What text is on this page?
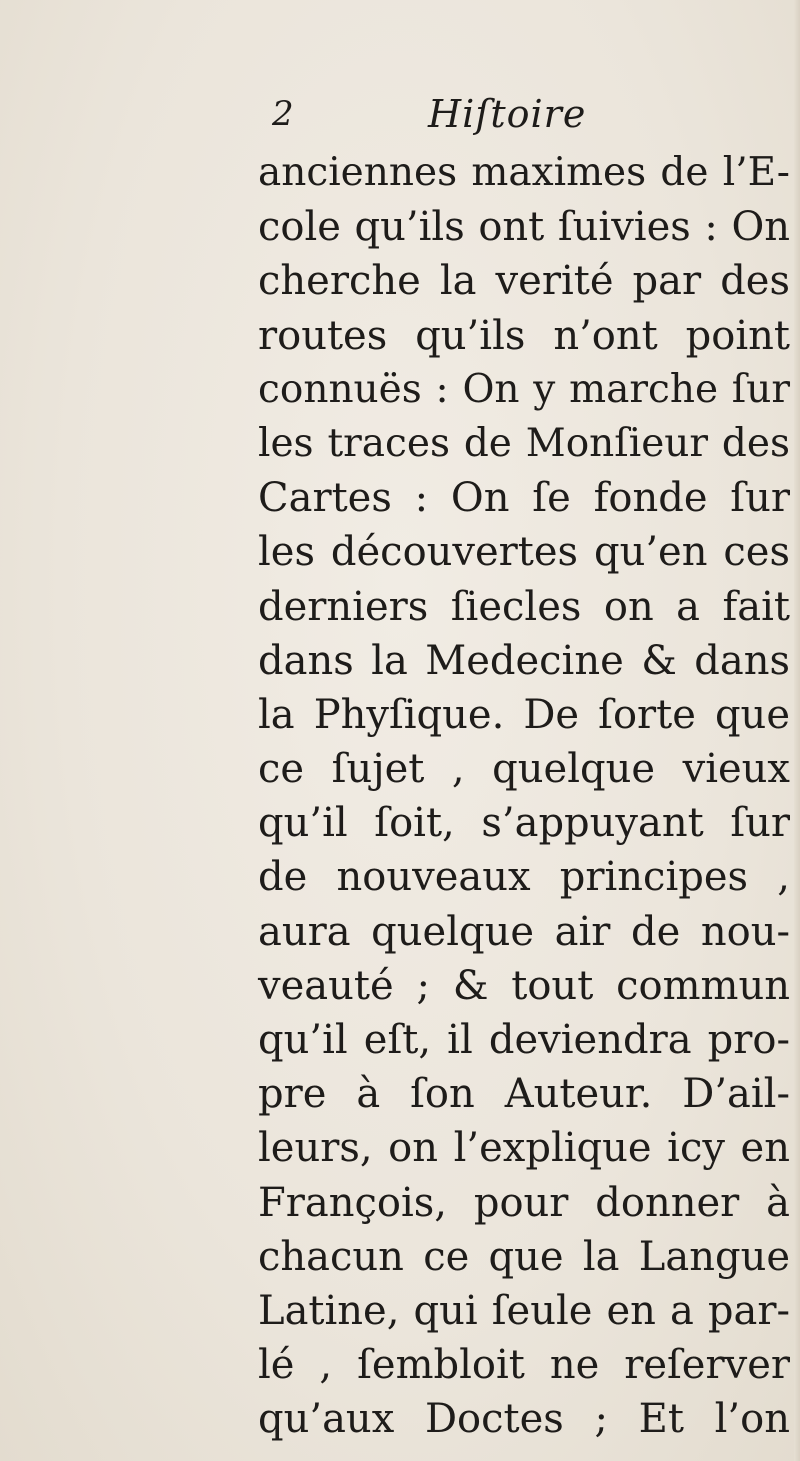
2	Hiſtoire
anciennes maximes de l’E-
cole qu’ils ont ſuivies : On
cherche la verité par des
routes qu’ils n’ont point
connuës : On y marche ſur
les traces de Monſieur des
Cartes : On ſe fonde ſur
les découvertes qu’en ces
derniers ſiecles on a fait
dans la Medecine & dans
la Phyſique. De ſorte que
ce ſujet , quelque vieux
qu’il ſoit, s’appuyant ſur
de nouveaux principes ,
aura quelque air de nou-
veauté ; & tout commun
qu’il eſt, il deviendra pro-
pre à ſon Auteur. D’ail-
leurs, on l’explique icy en
François, pour donner à
chacun ce que la Langue
Latine, qui ſeule en a par-
lé , ſembloit ne reſerver
qu’aux Doctes ; Et l’on
